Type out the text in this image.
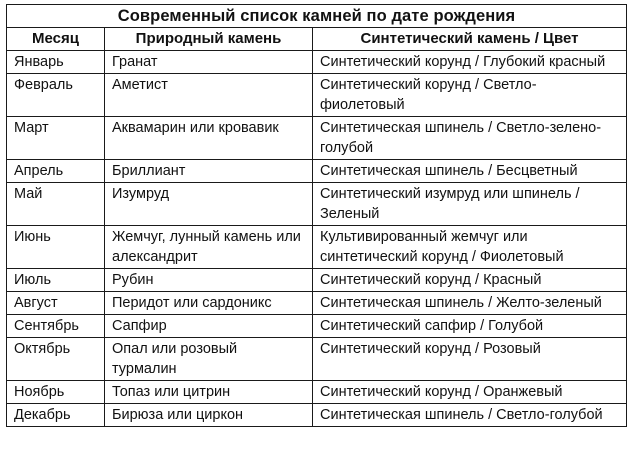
Современный список камней по дате рождения		
Месяц	Природный камень	Синтетический камень / Цвет
Январь	Гранат	Синтетический корунд / Глубокий красный
Февраль	Аметист	Синтетический корунд / Светло-фиолетовый
Март	Аквамарин или кровавик	Синтетическая шпинель / Светло-зелено-голубой
Апрель	Бриллиант	Синтетическая шпинель / Бесцветный
Май	Изумруд	Синтетический изумруд или шпинель / Зеленый
Июнь	Жемчуг, лунный камень или александрит	Культивированный жемчуг или синтетический корунд / Фиолетовый
Июль	Рубин	Синтетический корунд / Красный
Август	Перидот или сардоникс	Синтетическая шпинель / Желто-зеленый
Сентябрь	Сапфир	Синтетический сапфир / Голубой
Октябрь	Опал или розовый турмалин	Синтетический корунд / Розовый
Ноябрь	Топаз или цитрин	Синтетический корунд / Оранжевый
Декабрь	Бирюза или циркон	Синтетическая шпинель / Светло-голубой
